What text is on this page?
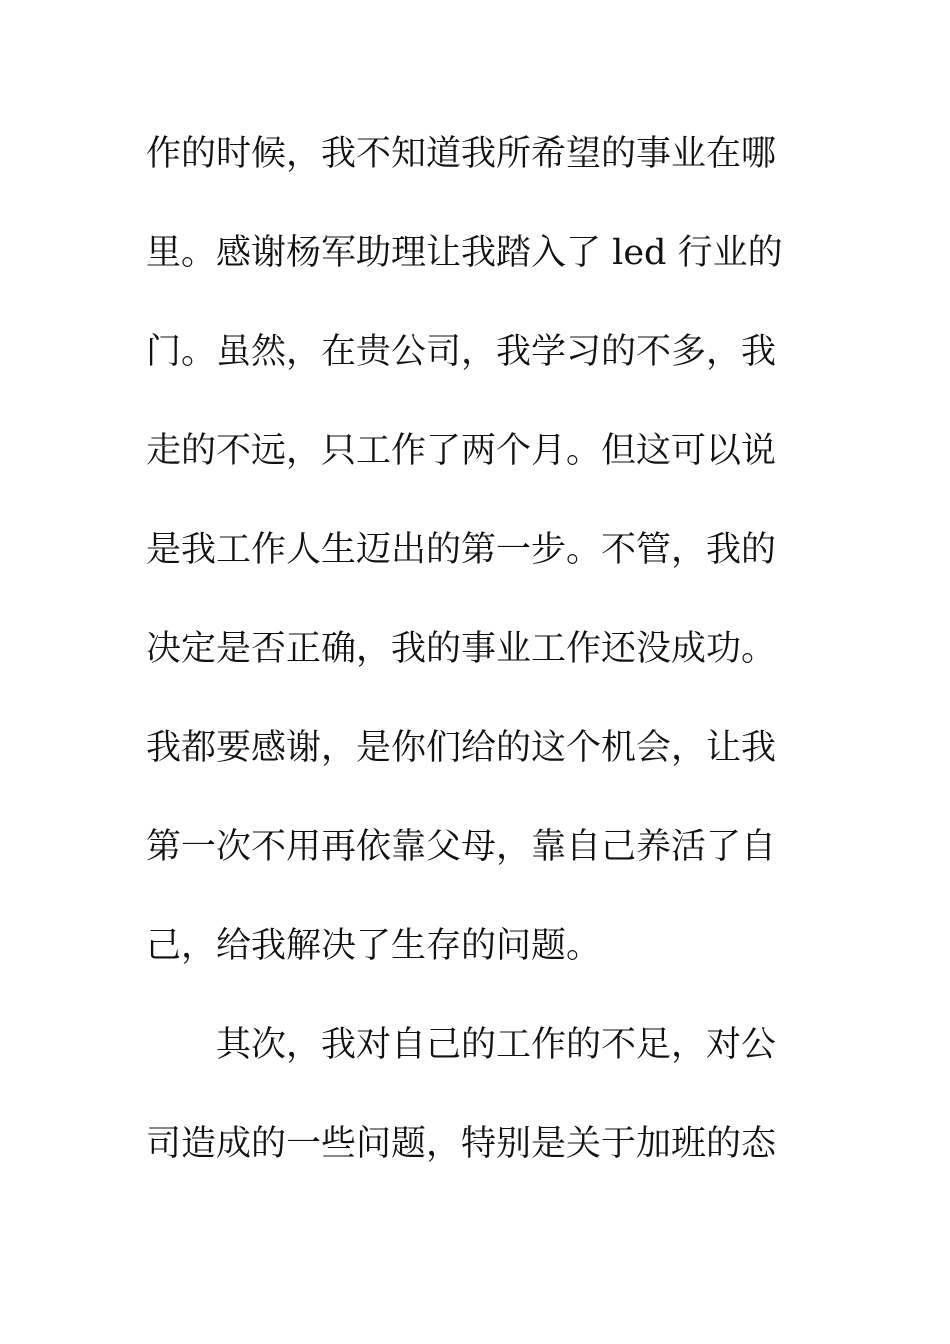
作的时候，我不知道我所希望的事业在哪
里。感谢杨军助理让我踏入了 led 行业的
门。虽然，在贵公司，我学习的不多，我
走的不远，只工作了两个月。但这可以说
是我工作人生迈出的第一步。不管，我的
决定是否正确，我的事业工作还没成功。
我都要感谢，是你们给的这个机会，让我
第一次不用再依靠父母，靠自己养活了自
己，给我解决了生存的问题。
其次，我对自己的工作的不足，对公
司造成的一些问题，特别是关于加班的态
